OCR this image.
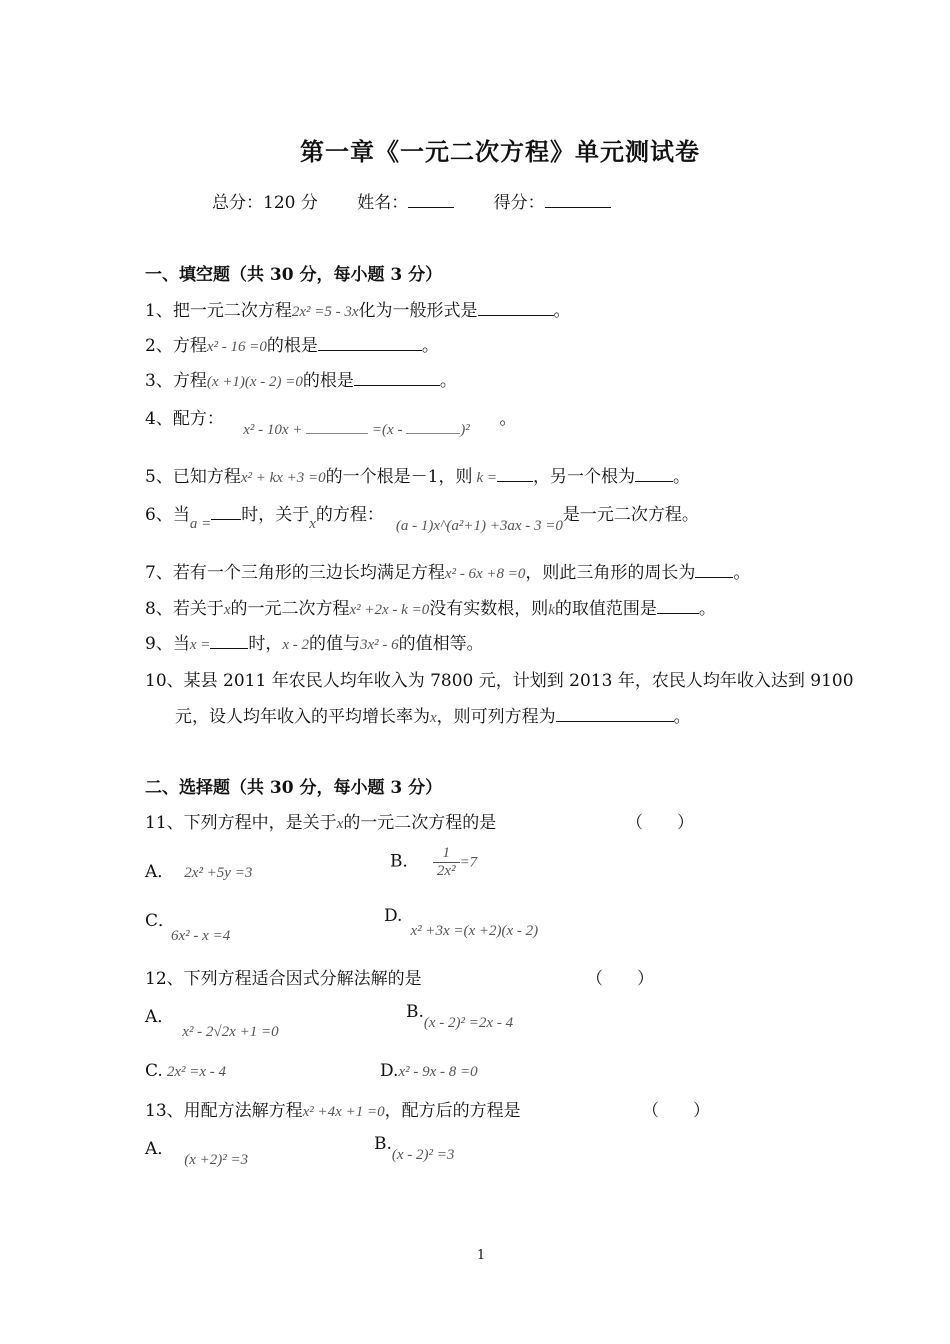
第一章《一元二次方程》单元测试卷
总分：120 分 姓名：	得分：
一、填空题（共 30 分，每小题 3 分）
1、把一元二次方程2x² =5 - 3x化为一般形式是	。
2、方程x² - 16 =0的根是	。
3、方程(x +1)(x - 2) =0的根是	。
4、配方： x² - 10x +	=(x -	)² 。
5、已知方程x² + kx +3 =0的一个根是－1，则 k = ，另一个根为 。
6、当a = 时，关于x的方程：(a - 1)x^(a²+1) +3ax - 3 =0是一元二次方程。
7、若有一个三角形的三边长均满足方程x² - 6x +8 =0，则此三角形的周长为 。
8、若关于x的一元二次方程x² +2x - k =0没有实数根，则k的取值范围是 。
9、当x = 时，x - 2的值与3x² - 6的值相等。
10、某县 2011 年农民人均年收入为 7800 元，计划到 2013 年，农民人均年收入达到 9100
元，设人均年收入的平均增长率为x，则可列方程为	。
二、选择题（共 30 分，每小题 3 分）
11、下列方程中，是关于x的一元二次方程的是	（　　）
A． 2x² +5y =3
B． $\frac{1}{\text{2x²}} =7$
C．6x² - x =4
D.x² +3x =(x +2)(x - 2)
12、下列方程适合因式分解法解的是	（　　）
A．x² - 2√2x +1 =0
B.(x - 2)² =2x - 4
C. 2x² =x - 4	D.x² - 9x - 8 =0
13、用配方法解方程x² +4x +1 =0，配方后的方程是	（　　）
A．(x +2)² =3
B.(x - 2)² =3
1
